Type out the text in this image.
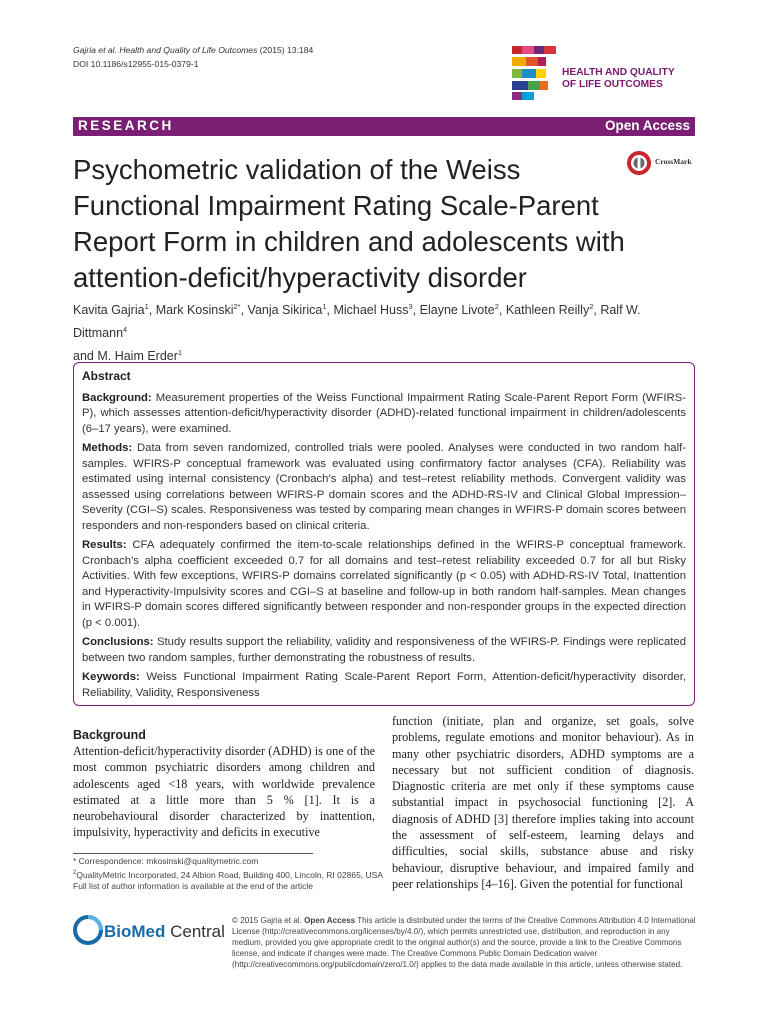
Gajria et al. Health and Quality of Life Outcomes (2015) 13:184
DOI 10.1186/s12955-015-0379-1
HEALTH AND QUALITY
OF LIFE OUTCOMES
RESEARCH	Open Access
CrossMark
Psychometric validation of the Weiss Functional Impairment Rating Scale-Parent Report Form in children and adolescents with attention-deficit/hyperactivity disorder
Kavita Gajria$^1$, Mark Kosinski$^{2*}$, Vanja Sikirica$^1$, Michael Huss$^3$, Elayne Livote$^2$, Kathleen Reilly$^2$, Ralf W. Dittmann$^4$
and M. Haim Erder$^1$
Abstract

Background: Measurement properties of the Weiss Functional Impairment Rating Scale-Parent Report Form (WFIRS-P), which assesses attention-deficit/hyperactivity disorder (ADHD)-related functional impairment in children/adolescents (6–17 years), were examined.

Methods: Data from seven randomized, controlled trials were pooled. Analyses were conducted in two random half-samples. WFIRS-P conceptual framework was evaluated using confirmatory factor analyses (CFA). Reliability was estimated using internal consistency (Cronbach’s alpha) and test–retest reliability methods. Convergent validity was assessed using correlations between WFIRS-P domain scores and the ADHD-RS-IV and Clinical Global Impression–Severity (CGI–S) scales. Responsiveness was tested by comparing mean changes in WFIRS-P domain scores between responders and non-responders based on clinical criteria.

Results: CFA adequately confirmed the item-to-scale relationships defined in the WFIRS-P conceptual framework. Cronbach’s alpha coefficient exceeded 0.7 for all domains and test–retest reliability exceeded 0.7 for all but Risky Activities. With few exceptions, WFIRS-P domains correlated significantly (p < 0.05) with ADHD-RS-IV Total, Inattention and Hyperactivity-Impulsivity scores and CGI–S at baseline and follow-up in both random half-samples. Mean changes in WFIRS-P domain scores differed significantly between responder and non-responder groups in the expected direction (p < 0.001).

Conclusions: Study results support the reliability, validity and responsiveness of the WFIRS-P. Findings were replicated between two random samples, further demonstrating the robustness of results.

Keywords: Weiss Functional Impairment Rating Scale-Parent Report Form, Attention-deficit/hyperactivity disorder, Reliability, Validity, Responsiveness

Background
Attention-deficit/hyperactivity disorder (ADHD) is one of the most common psychiatric disorders among children and adolescents aged <18 years, with worldwide prevalence estimated at a little more than 5 % [1]. It is a neurobehavioural disorder characterized by inattention, impulsivity, hyperactivity and deficits in executive
function (initiate, plan and organize, set goals, solve problems, regulate emotions and monitor behaviour). As in many other psychiatric disorders, ADHD symptoms are a necessary but not sufficient condition of diagnosis. Diagnostic criteria are met only if these symptoms cause substantial impact in psychosocial functioning [2]. A diagnosis of ADHD [3] therefore implies taking into account the assessment of self-esteem, learning delays and difficulties, social skills, substance abuse and risky behaviour, disruptive behaviour, and impaired family and peer relationships [4–16]. Given the potential for functional
* Correspondence: mkosinski@qualitymetric.com
$^2$QualityMetric Incorporated, 24 Albion Road, Building 400, Lincoln, RI 02865, USA
Full list of author information is available at the end of the article
BioMed Central
© 2015 Gajria et al. Open Access This article is distributed under the terms of the Creative Commons Attribution 4.0 International License (http://creativecommons.org/licenses/by/4.0/), which permits unrestricted use, distribution, and reproduction in any medium, provided you give appropriate credit to the original author(s) and the source, provide a link to the Creative Commons license, and indicate if changes were made. The Creative Commons Public Domain Dedication waiver (http://creativecommons.org/publicdomain/zero/1.0/) applies to the data made available in this article, unless otherwise stated.
